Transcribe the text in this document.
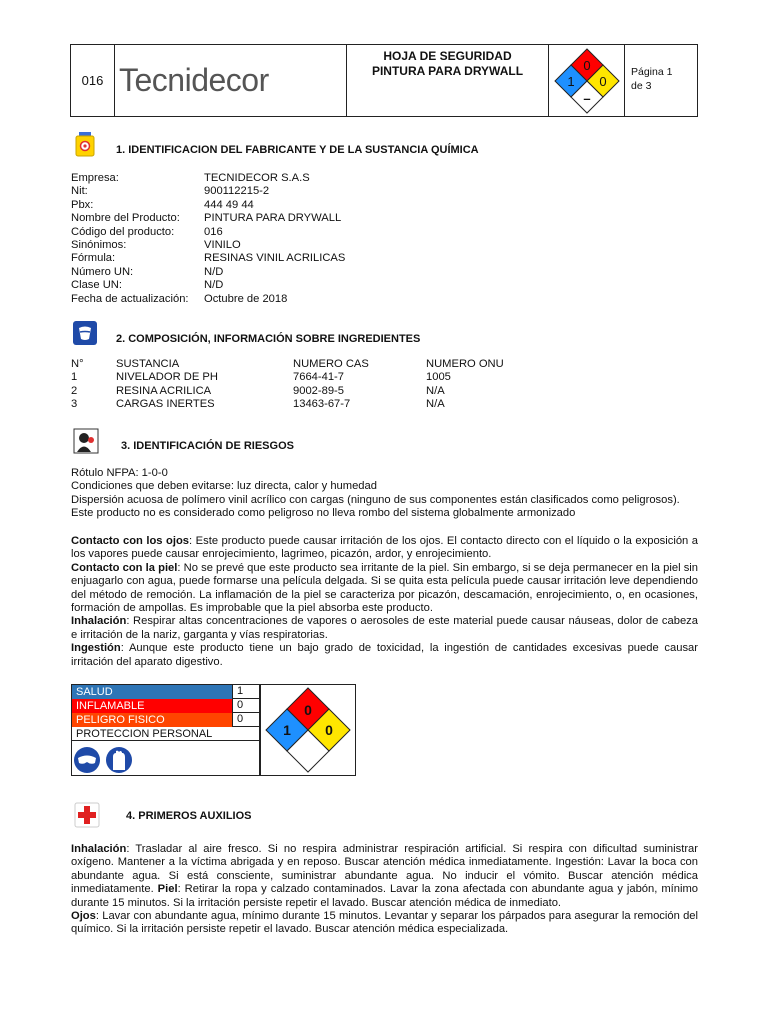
016 Tecnidecor
HOJA DE SEGURIDAD
PINTURA PARA DRYWALL	0
1 0
–
Página 1
de 3
1. IDENTIFICACION DEL FABRICANTE Y DE LA SUSTANCIA QUÍMICA
Empresa:	TECNIDECOR S.A.S
Nit:	900112215-2
Pbx:	444 49 44
Nombre del Producto:	PINTURA PARA DRYWALL
Código del producto:	016
Sinónimos:	VINILO
Fórmula:	RESINAS VINIL ACRILICAS
Número UN:	N/D
Clase UN:	N/D
Fecha de actualización:	Octubre de 2018
2. COMPOSICIÓN, INFORMACIÓN SOBRE INGREDIENTES
N°	SUSTANCIA	NUMERO CAS	NUMERO ONU
1	NIVELADOR DE PH	7664-41-7	1005
2	RESINA ACRILICA	9002-89-5	N/A
3	CARGAS INERTES	13463-67-7	N/A
3. IDENTIFICACIÓN DE RIESGOS

Rótulo NFPA: 1-0-0

Condiciones que deben evitarse: luz directa, calor y humedad

Dispersión acuosa de polímero vinil acrílico con cargas (ninguno de sus componentes están clasificados como peligrosos).

Este producto no es considerado como peligroso no lleva rombo del sistema globalmente armonizado

Contacto con los ojos: Este producto puede causar irritación de los ojos. El contacto directo con el líquido o la exposición a los vapores puede causar enrojecimiento, lagrimeo, picazón, ardor, y enrojecimiento.

Contacto con la piel: No se prevé que este producto sea irritante de la piel. Sin embargo, si se deja permanecer en la piel sin enjuagarlo con agua, puede formarse una película delgada. Si se quita esta película puede causar irritación leve dependiendo del método de remoción. La inflamación de la piel se caracteriza por picazón, descamación, enrojecimiento, o, en ocasiones, formación de ampollas. Es improbable que la piel absorba este producto.

Inhalación: Respirar altas concentraciones de vapores o aerosoles de este material puede causar náuseas, dolor de cabeza e irritación de la nariz, garganta y vías respiratorias.

Ingestión: Aunque este producto tiene un bajo grado de toxicidad, la ingestión de cantidades excesivas puede causar irritación del aparato digestivo.

SALUD	1
INFLAMABLE	0
PELIGRO FISICO	0
PROTECCION PERSONAL
0
1 0
4. PRIMEROS AUXILIOS

Inhalación: Trasladar al aire fresco. Si no respira administrar respiración artificial. Si respira con dificultad suministrar oxígeno. Mantener a la víctima abrigada y en reposo. Buscar atención médica inmediatamente. Ingestión: Lavar la boca con abundante agua. Si está consciente, suministrar abundante agua. No inducir el vómito. Buscar atención médica inmediatamente. Piel: Retirar la ropa y calzado contaminados. Lavar la zona afectada con abundante agua y jabón, mínimo durante 15 minutos. Si la irritación persiste repetir el lavado. Buscar atención médica de inmediato.

Ojos: Lavar con abundante agua, mínimo durante 15 minutos. Levantar y separar los párpados para asegurar la remoción del químico. Si la irritación persiste repetir el lavado. Buscar atención médica especializada.
